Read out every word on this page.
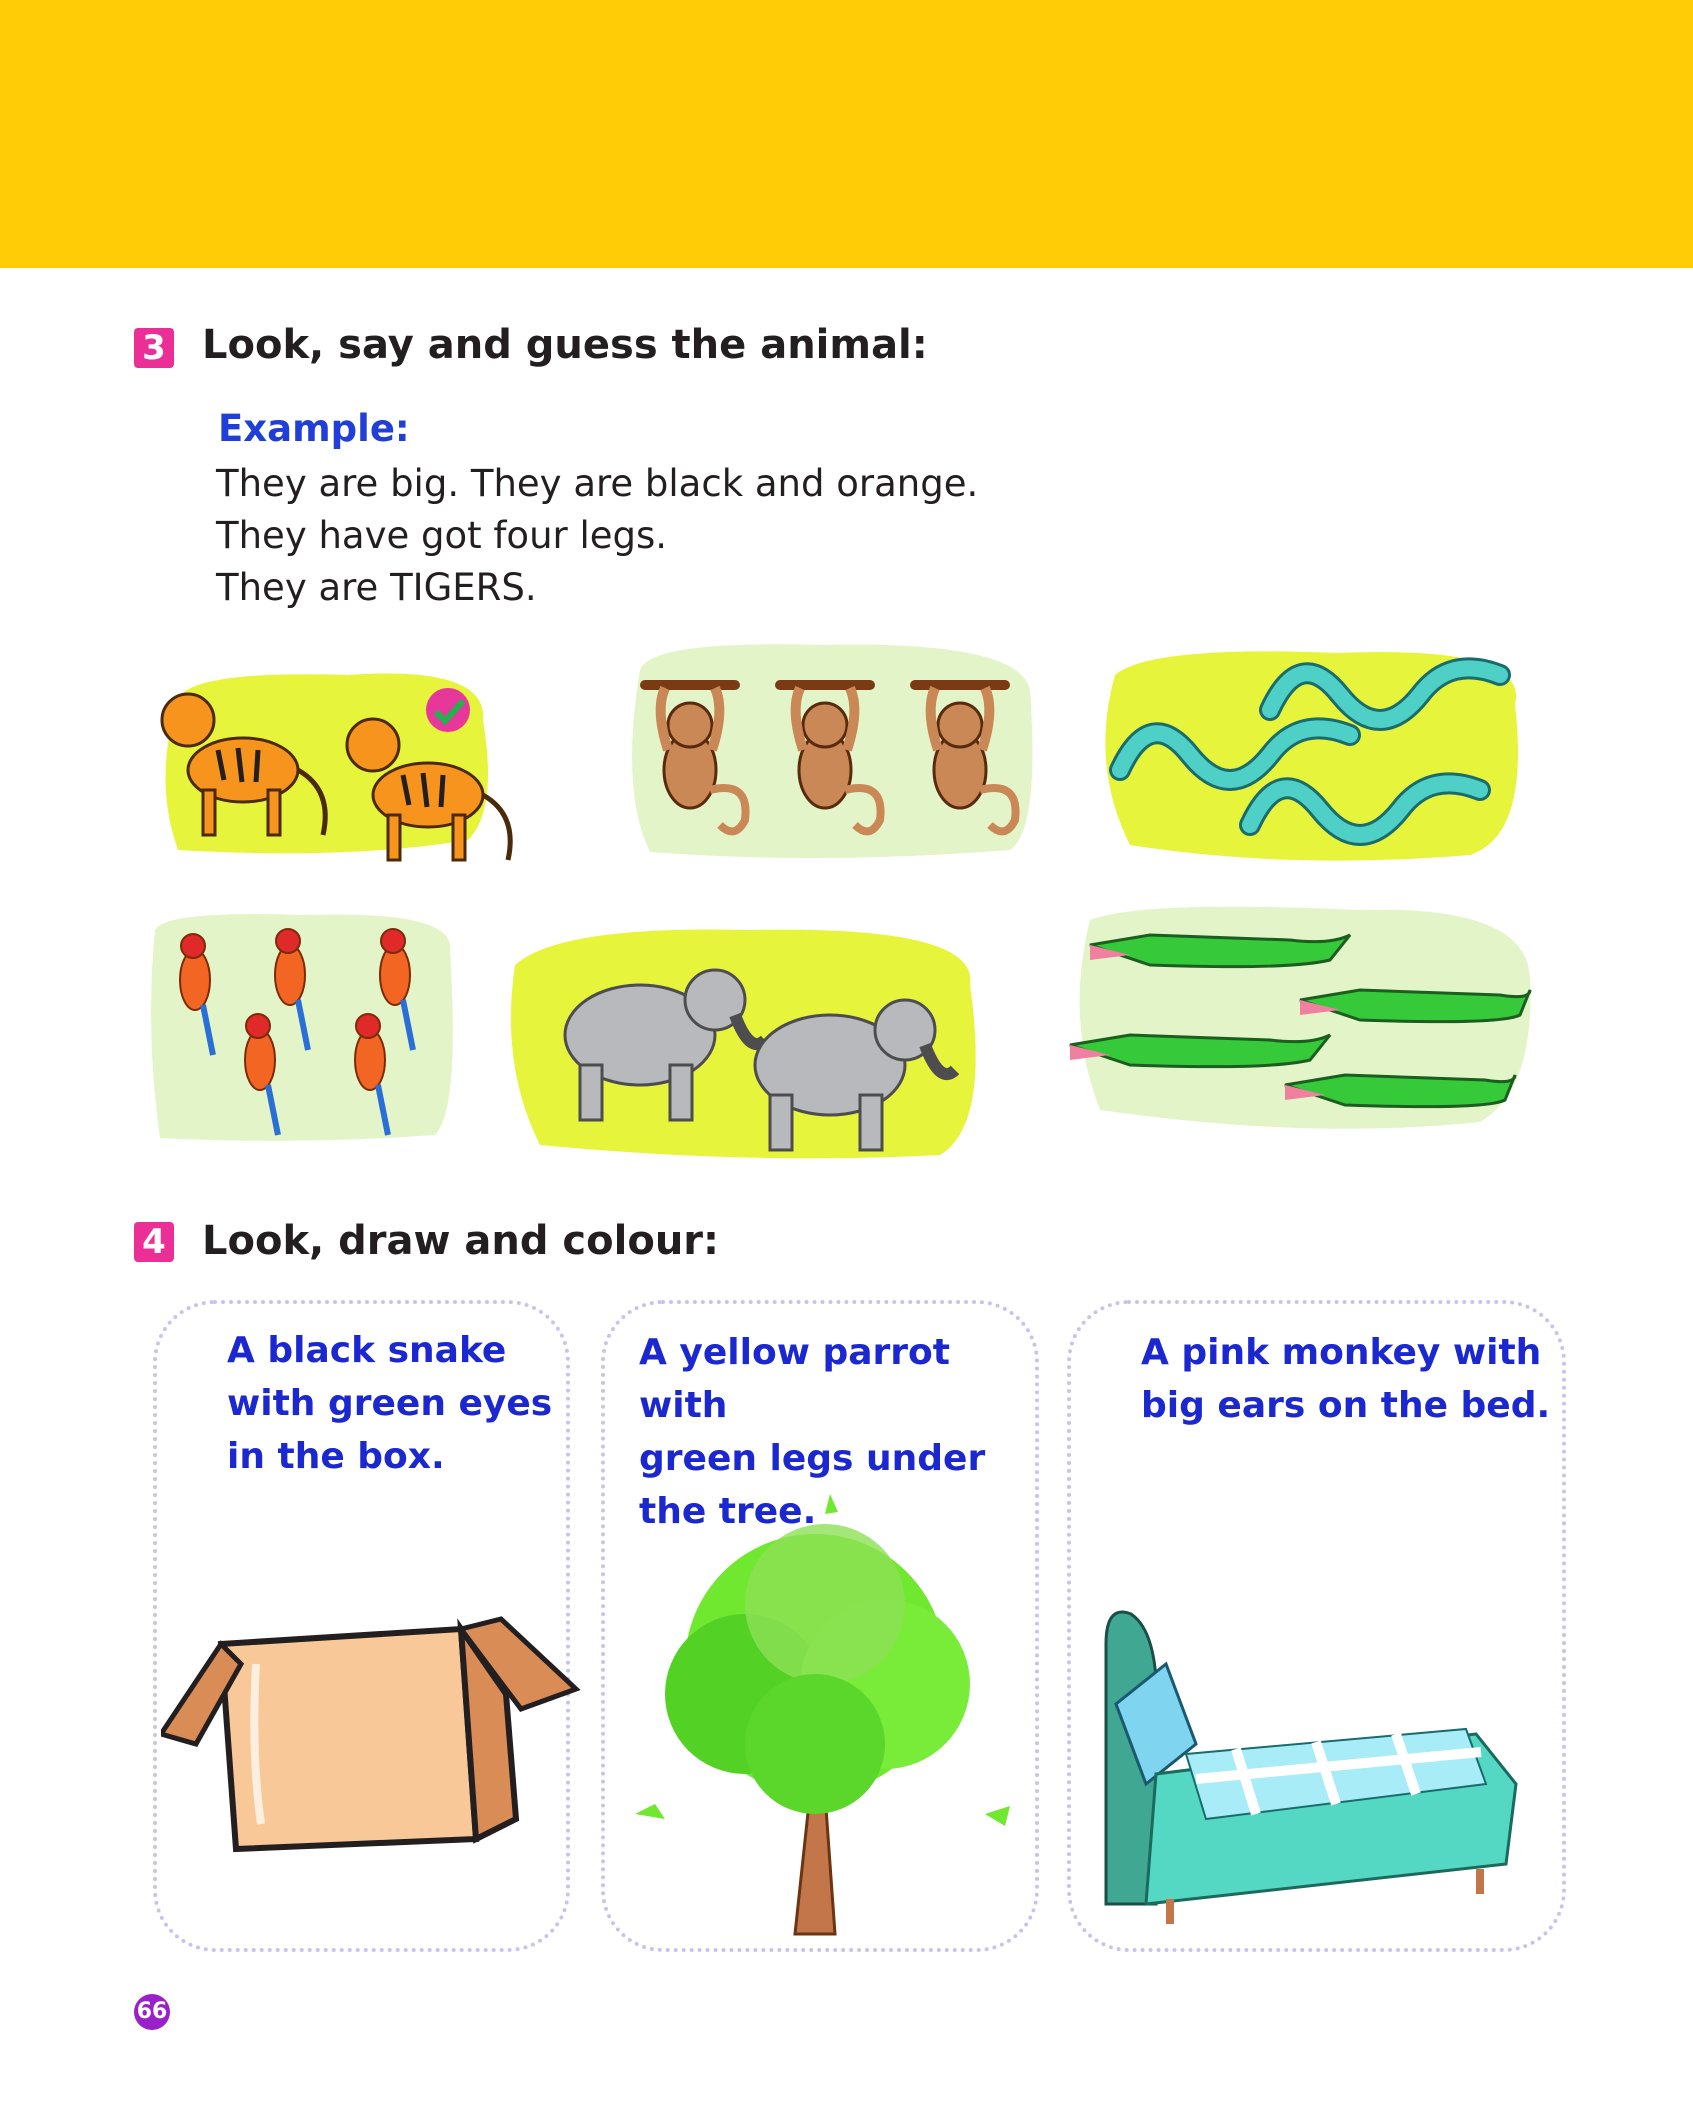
3 Look, say and guess the animal:
Example:
They are big. They are black and orange.
They have got four legs.
They are TIGERS.
4 Look, draw and colour:
A black snake
with green eyes
in the box.
A yellow parrot with
green legs under
the tree.
A pink monkey with
big ears on the bed.
66
